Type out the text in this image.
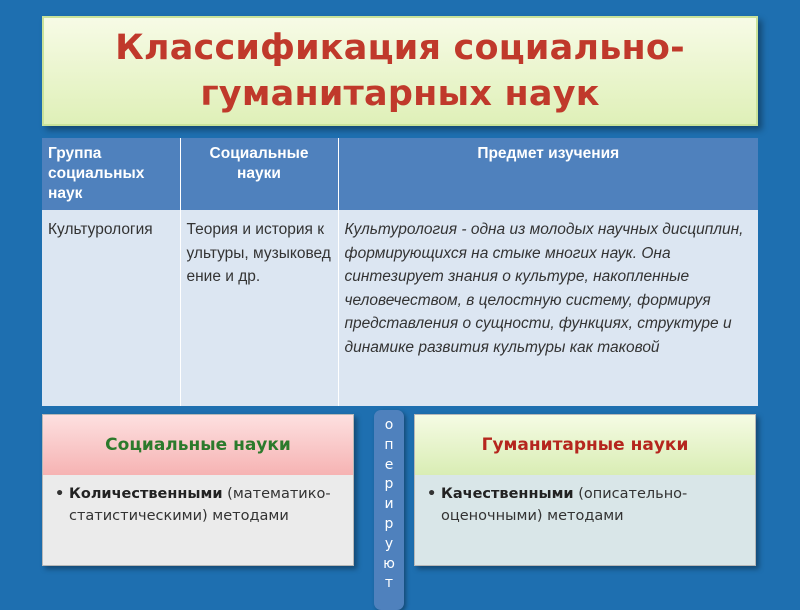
Классификация социально-
гуманитарных наук
Группа социальных наук	Социальные науки	Предмет изучения
Культурология	Теория и история культуры, музыковедение и др.	Культурология - одна из молодых научных дисциплин, формирующихся на стыке многих наук. Она синтезирует знания о культуре, накопленные человечеством, в целостную систему, формируя представления о сущности, функциях, структуре и динамике развития культуры как таковой
Социальные науки
• Количественными (математико-статистическими) методами
Гуманитарные науки
• Качественными (описательно-оценочными) методами
о
п
е
р
и
р
у
ю
т
